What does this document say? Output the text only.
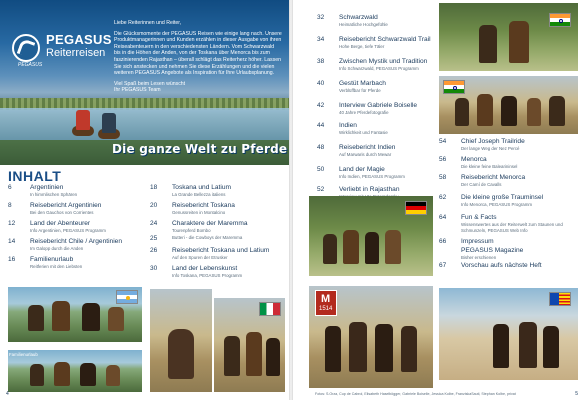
PEGASUS
Reiterreisen
PEGASUS

Liebe Reiterinnen und Reiter,

Die Glücksmomente der PEGASUS Reisen wie einige lang nach. Unsere Produktmanagerinnen und Kunden erzählen in dieser Ausgabe von ihren Reiseabenteuern in den verschiedensten Ländern. Vom Schwarzwald bis in die Höhen der Anden, von der Toskana über Menorca bis zum faszinierenden Rajasthan – überall schlägt das Reiterherz höher. Lassen Sie sich anstecken und nehmen Sie diese Erzählungen und die vielen weiteren PEGASUS Angebote als Inspiration für Ihre Urlaubsplanung.

Viel Spaß beim Lesen wünscht
Ihr PEGASUS Team

Die ganze Welt zu Pferde
INHALT
6	Argentinien
In himmlischen Sphären
8	Reisebericht Argentinien
Bei den Gauchos von Corrientes
12	Land der Abenteurer
Info Argentinien, PEGASUS Programm
14	Reisebericht Chile / Argentinien
Im Galopp durch die Anden
16	Familienurlaub
Reitferien mit den Liebsten
18	Toskana und Latium
La Grande Bellezza italiens
20	Reisebericht Toskana
Genussreiten in Montalcino
24	Charaktere der Maremma
Tourenpferd Bombo
25	Butteri - die Cowboys der Maremma
26	Reisebericht Toskana und Latium
Auf den Spuren der Etrusker
30	Land der Lebenskunst
Info Toskana, PEGASUS Programm
Familienurlaub
4
32 Schwarzwald
Heimatliche Hochgefühle
34 Reisebericht Schwarzwald Trail
Hohe Berge, tiefe Täler
38 Zwischen Mystik und Tradition
Info Schwarzwald, PEGASUS Programm
40 Gestüt Marbach
Verblüffbar für Pferde
42 Interview Gabriele Boiselle
40 Jahre Pferdefotografie
44 Indien
Wirklichkeit und Fantasie
48 Reisebericht Indien
Auf Marwaris durch Mewar
50 Land der Magie
Info Indien, PEGASUS Programm
52 Verliebt in Rajasthan
54 Chief Joseph Trailride
Der lange Weg der Nez Percé
56 Menorca
Die kleine feine Balearininsel
58 Reisebericht Menorca
Der Camí de Cavalls
62 Die kleine große Trauminsel
Info Menorca, PEGASUS Programm
64 Fun & Facts
Wissenswertes aus der Reiterwelt zum Staunen und Schmunzeln, PEGASUS Web Info
66 Impressum
PEGASUS Magazine
Bisher erschienen
67 Vorschau aufs nächste Heft
M
1514
Fotos: S.Orza, Cup de Cabrol, Elisabeth Haselbögger, Gabriele Boiselle, Jessica Kolbe, FranziskaSauti, Stephan Kolbe, privat	5
